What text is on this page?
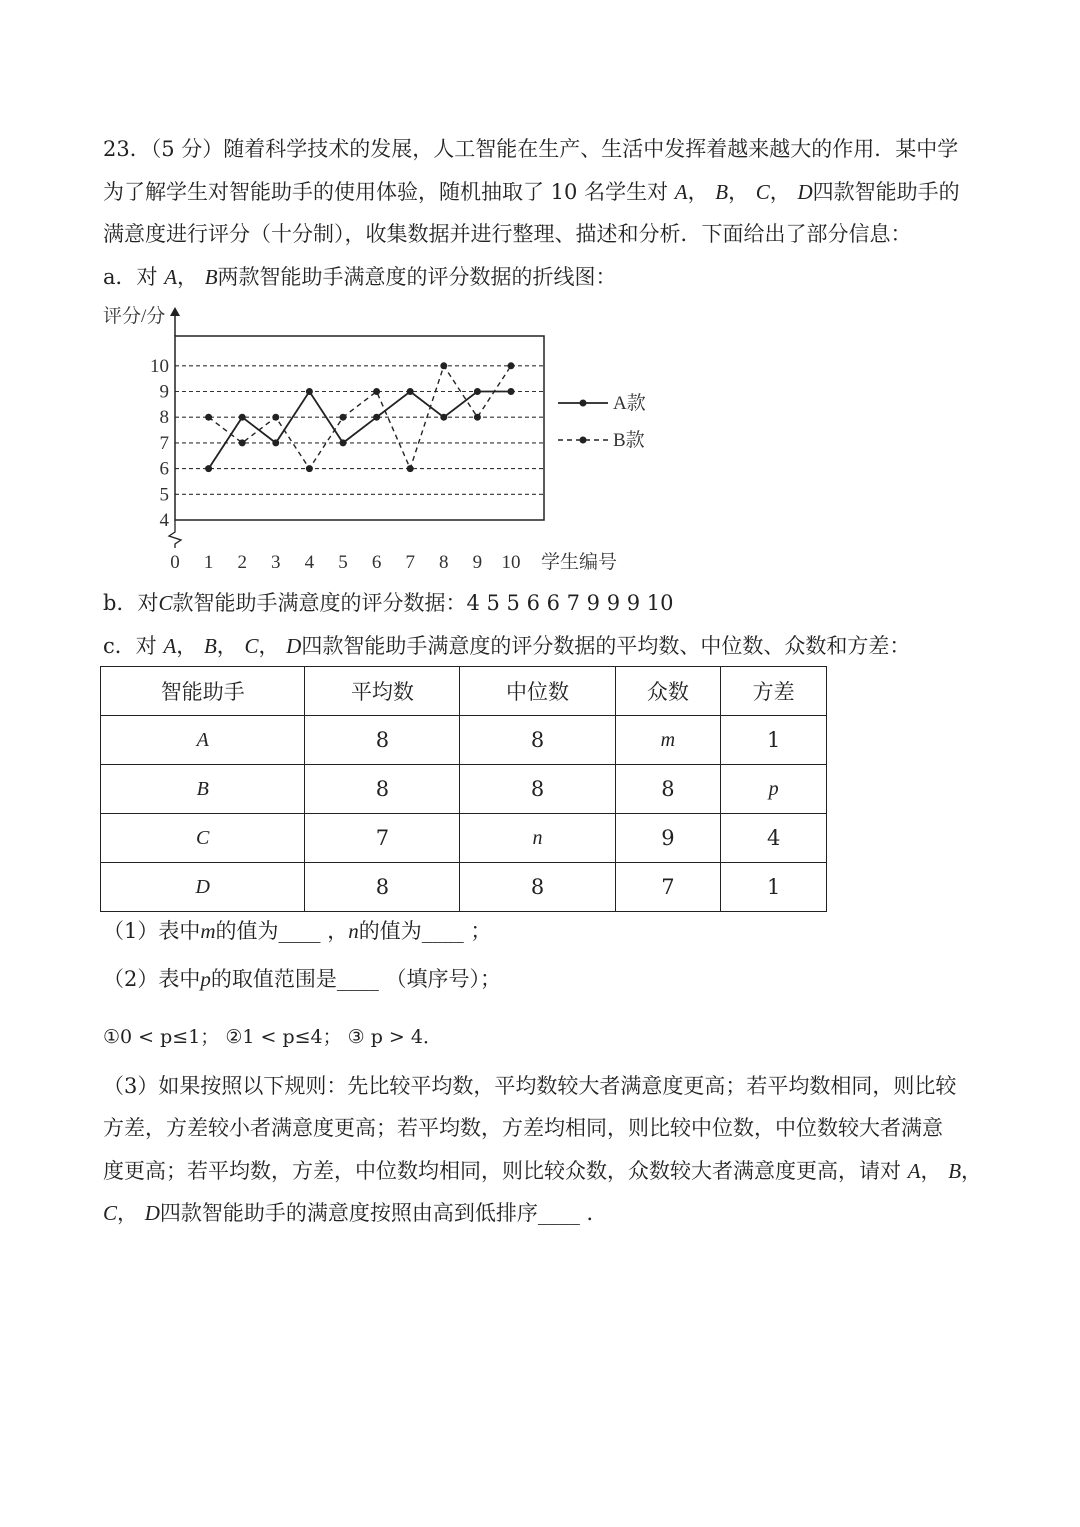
23．（5 分）随着科学技术的发展，人工智能在生产、生活中发挥着越来越大的作用．某中学
为了解学生对智能助手的使用体验，随机抽取了 10 名学生对 A， B， C， D四款智能助手的
满意度进行评分（十分制），收集数据并进行整理、描述和分析．下面给出了部分信息：
a．对 A， B两款智能助手满意度的评分数据的折线图：
评分/分
学生编号
4
5
6
7
8
9
10
0 1 2 3 4 5 6 7 8 9 10
A款
B款
b．对C款智能助手满意度的评分数据：4 5 5 6 6 7 9 9 9 10
c．对 A， B， C， D四款智能助手满意度的评分数据的平均数、中位数、众数和方差：
智能助手	平均数	中位数	众数	方差
A	8	8	m	1
B	8	8	8	p
C	7	n	9	4
D	8	8	7	1
（1）表中m的值为____ ，n的值为____ ；
（2）表中p的取值范围是____ （填序号）；
①0 < p≤1； ②1 < p≤4； ③ p > 4．
（3）如果按照以下规则：先比较平均数，平均数较大者满意度更高；若平均数相同，则比较
方差，方差较小者满意度更高；若平均数，方差均相同，则比较中位数，中位数较大者满意
度更高；若平均数，方差，中位数均相同，则比较众数，众数较大者满意度更高，请对 A， B，
C， D四款智能助手的满意度按照由高到低排序____ ．
